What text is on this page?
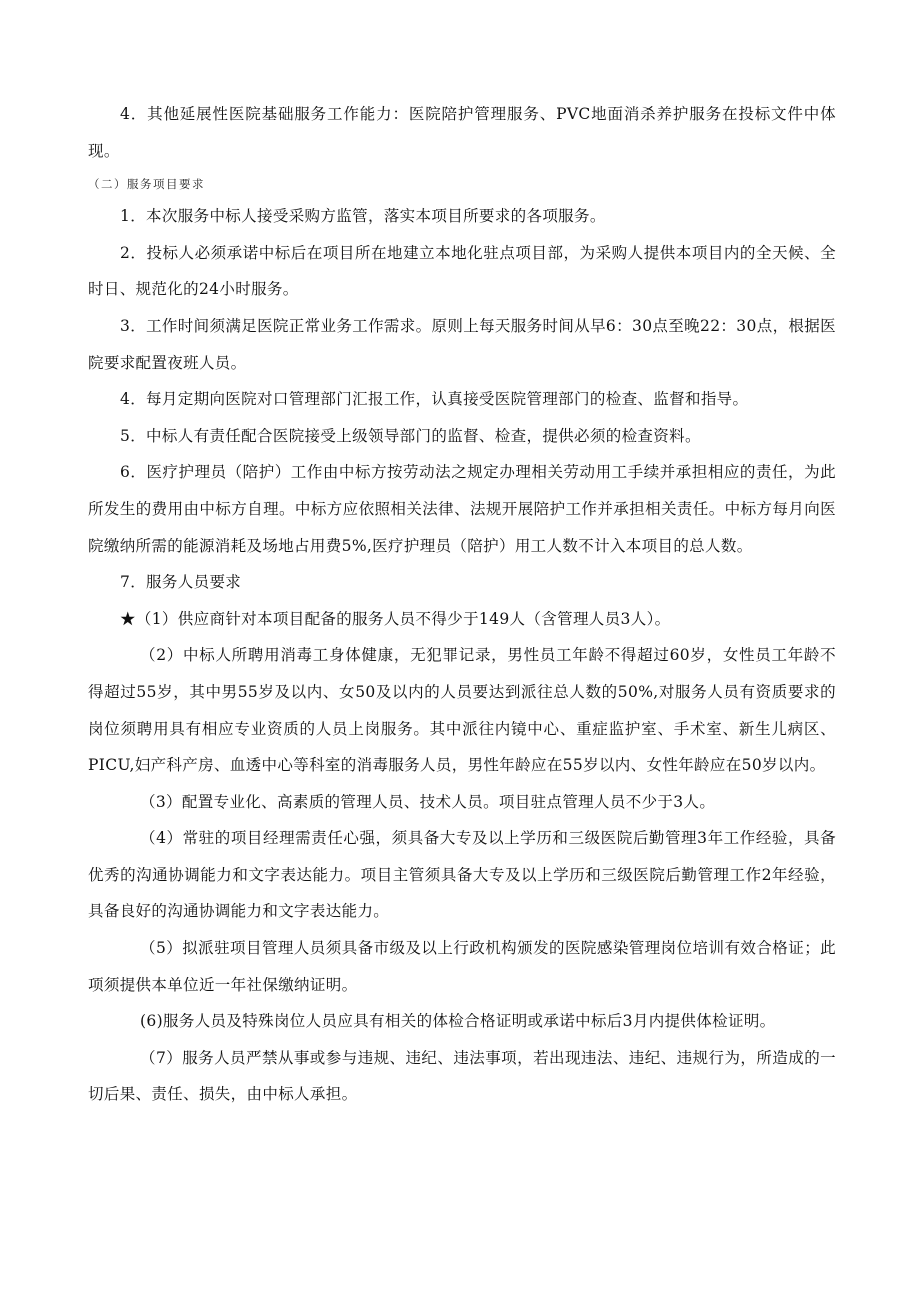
4．其他延展性医院基础服务工作能力：医院陪护管理服务、PVC地面消杀养护服务在投标文件中体现。

（二）服务项目要求

1．本次服务中标人接受采购方监管，落实本项目所要求的各项服务。

2．投标人必须承诺中标后在项目所在地建立本地化驻点项目部，为采购人提供本项目内的全天候、全时日、规范化的24小时服务。

3．工作时间须满足医院正常业务工作需求。原则上每天服务时间从早6：30点至晚22：30点，根据医院要求配置夜班人员。

4．每月定期向医院对口管理部门汇报工作，认真接受医院管理部门的检查、监督和指导。

5．中标人有责任配合医院接受上级领导部门的监督、检查，提供必须的检查资料。

6．医疗护理员（陪护）工作由中标方按劳动法之规定办理相关劳动用工手续并承担相应的责任，为此所发生的费用由中标方自理。中标方应依照相关法律、法规开展陪护工作并承担相关责任。中标方每月向医院缴纳所需的能源消耗及场地占用费5%,医疗护理员（陪护）用工人数不计入本项目的总人数。

7．服务人员要求

★（1）供应商针对本项目配备的服务人员不得少于149人（含管理人员3人）。

（2）中标人所聘用消毒工身体健康，无犯罪记录，男性员工年龄不得超过60岁，女性员工年龄不得超过55岁，其中男55岁及以内、女50及以内的人员要达到派往总人数的50%,对服务人员有资质要求的岗位须聘用具有相应专业资质的人员上岗服务。其中派往内镜中心、重症监护室、手术室、新生儿病区、PICU,妇产科产房、血透中心等科室的消毒服务人员，男性年龄应在55岁以内、女性年龄应在50岁以内。

（3）配置专业化、高素质的管理人员、技术人员。项目驻点管理人员不少于3人。

（4）常驻的项目经理需责任心强，须具备大专及以上学历和三级医院后勤管理3年工作经验，具备优秀的沟通协调能力和文字表达能力。项目主管须具备大专及以上学历和三级医院后勤管理工作2年经验，具备良好的沟通协调能力和文字表达能力。

（5）拟派驻项目管理人员须具备市级及以上行政机构颁发的医院感染管理岗位培训有效合格证；此项须提供本单位近一年社保缴纳证明。

(6)服务人员及特殊岗位人员应具有相关的体检合格证明或承诺中标后3月内提供体检证明。

（7）服务人员严禁从事或参与违规、违纪、违法事项，若出现违法、违纪、违规行为，所造成的一切后果、责任、损失，由中标人承担。
